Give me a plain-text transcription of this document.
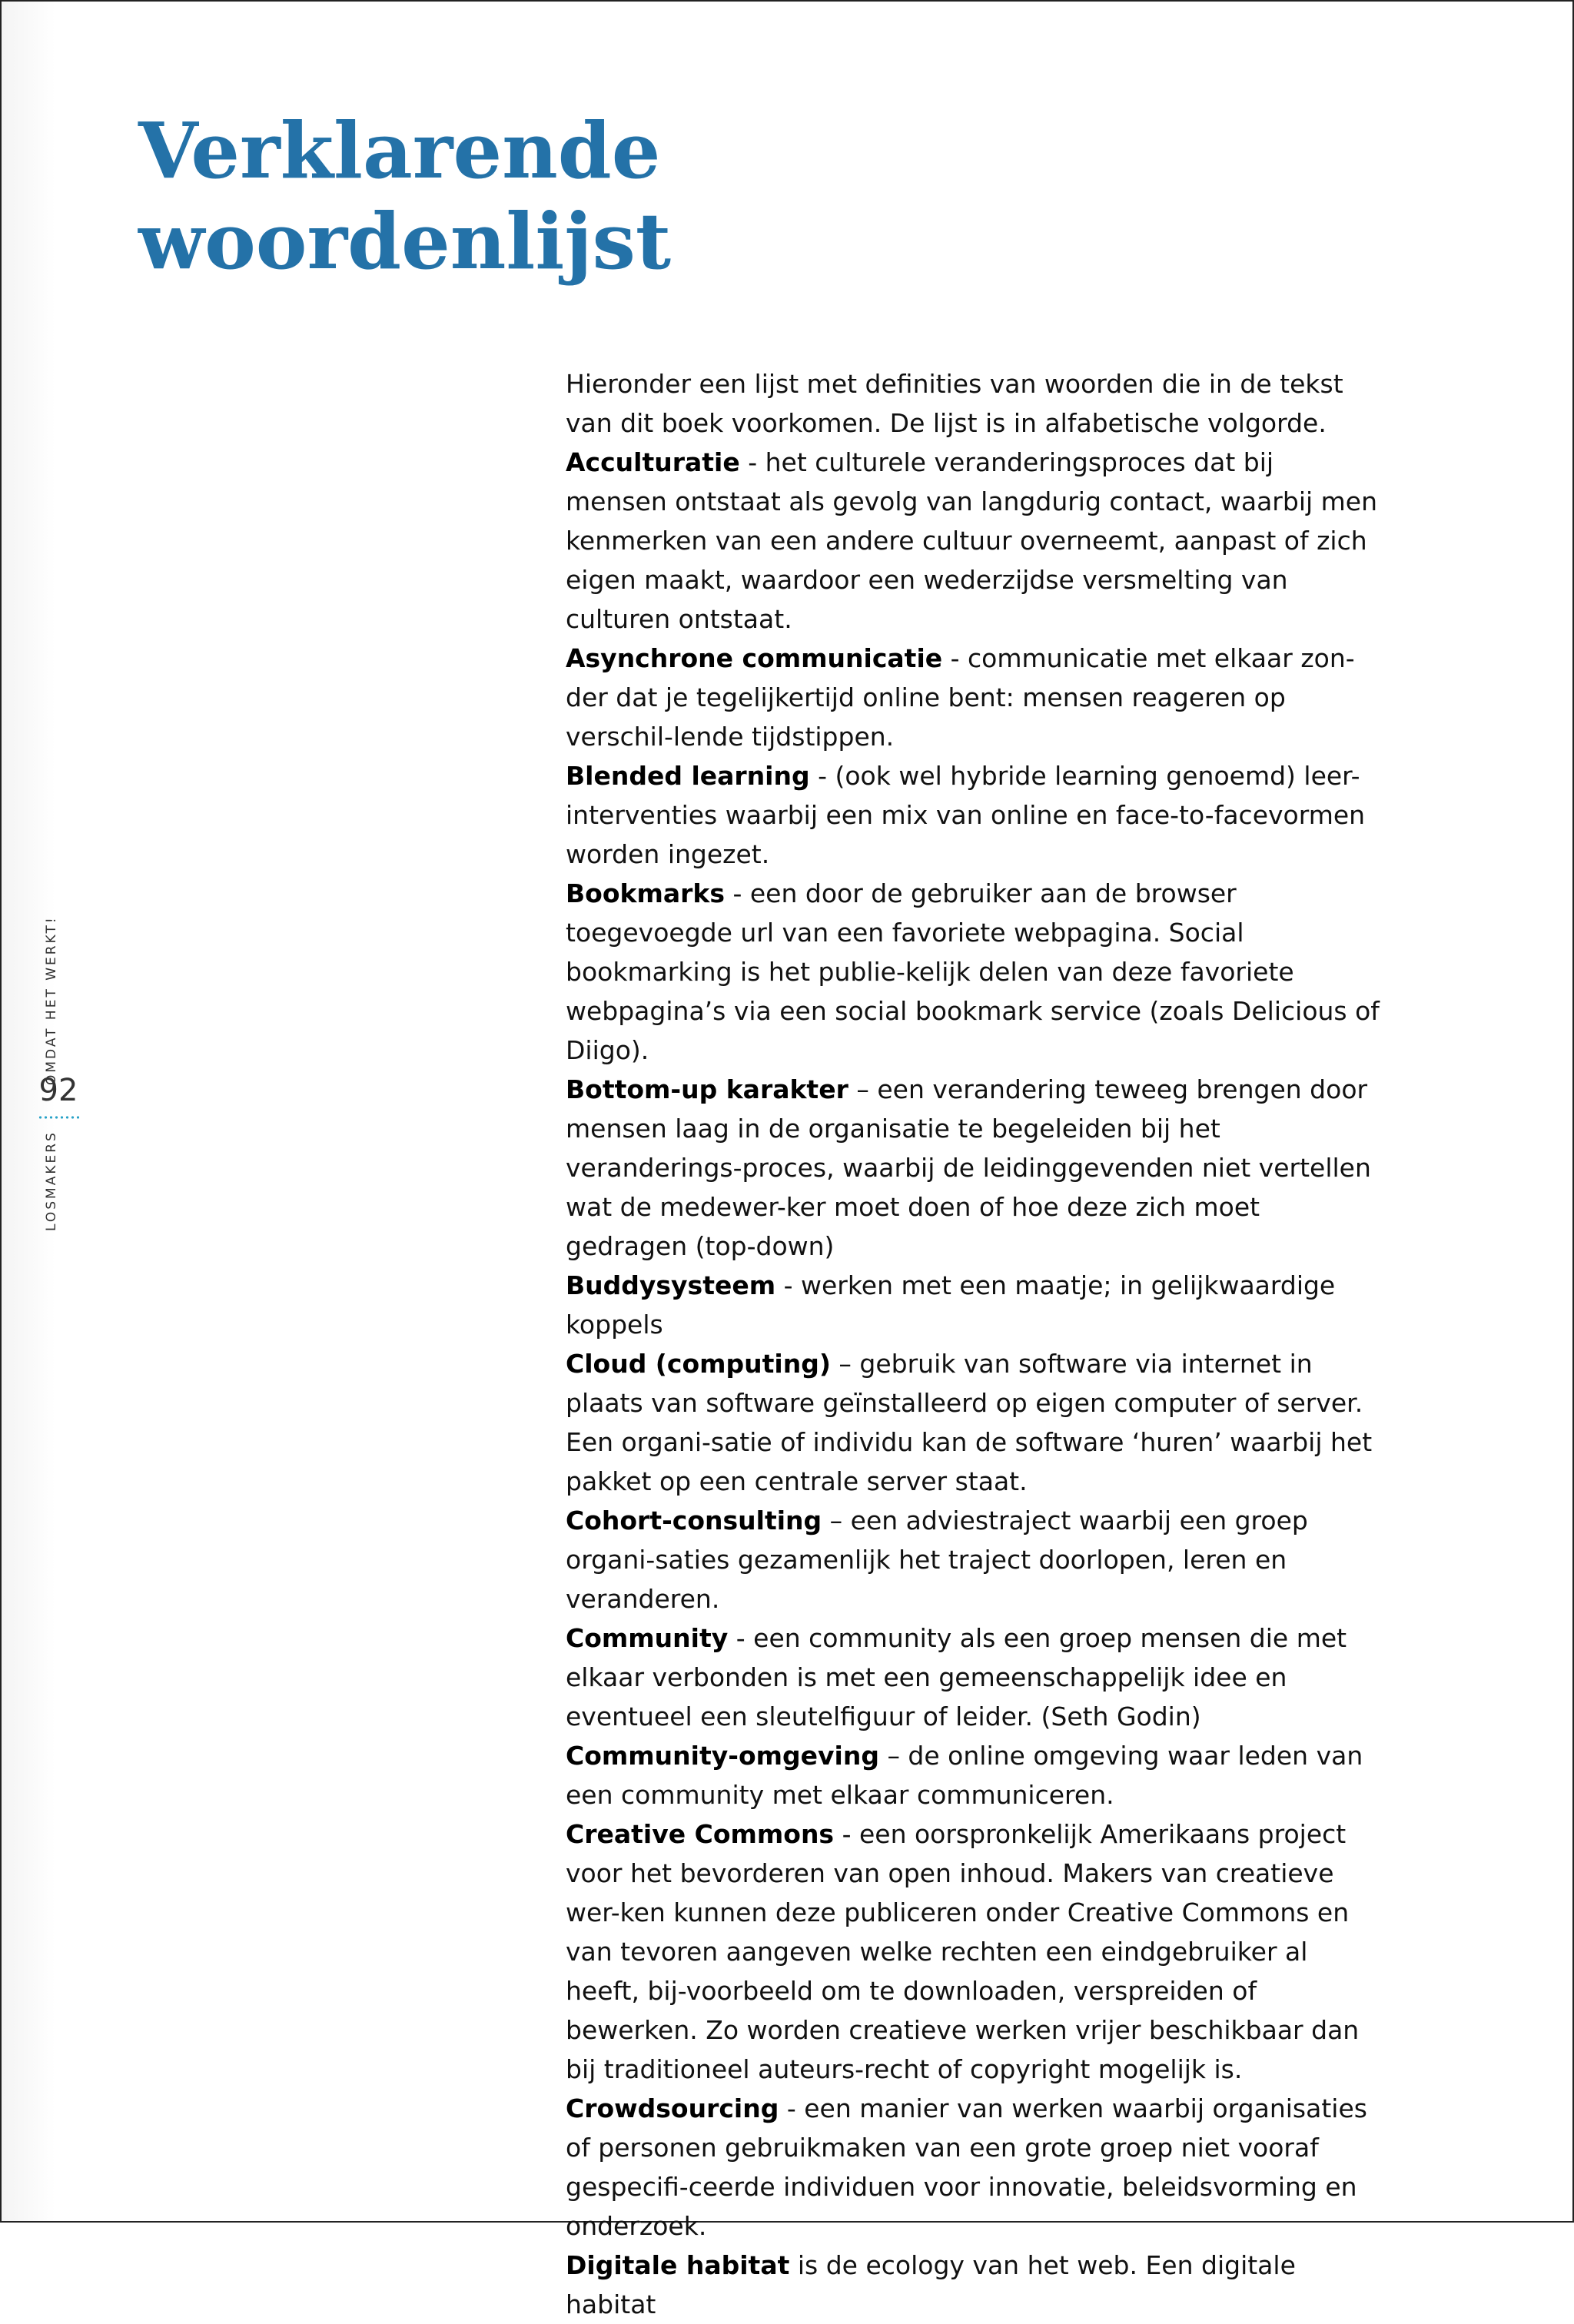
Verklarende
woordenlijst
LOSMAKERS
OMDAT HET WERKT!
92

Hieronder een lijst met definities van woorden die in de tekst van dit boek voorkomen. De lijst is in alfabetische volgorde.

Acculturatie - het culturele veranderingsproces dat bij mensen ontstaat als gevolg van langdurig contact, waarbij men kenmerken van een andere cultuur overneemt, aanpast of zich eigen maakt, waardoor een wederzijdse versmelting van culturen ontstaat.

Asynchrone communicatie - communicatie met elkaar zon-der dat je tegelijkertijd online bent: mensen reageren op verschil-lende tijdstippen.

Blended learning - (ook wel hybride learning genoemd) leer-interventies waarbij een mix van online en face-to-facevormen worden ingezet.

Bookmarks - een door de gebruiker aan de browser toegevoegde url van een favoriete webpagina. Social bookmarking is het publie-kelijk delen van deze favoriete webpagina’s via een social bookmark service (zoals Delicious of Diigo).

Bottom-up karakter – een verandering teweeg brengen door mensen laag in de organisatie te begeleiden bij het veranderings-proces, waarbij de leidinggevenden niet vertellen wat de medewer-ker moet doen of hoe deze zich moet gedragen (top-down)

Buddysysteem - werken met een maatje; in gelijkwaardige koppels

Cloud (computing) – gebruik van software via internet in plaats van software geïnstalleerd op eigen computer of server. Een organi-satie of individu kan de software ‘huren’ waarbij het pakket op een centrale server staat.

Cohort-consulting – een adviestraject waarbij een groep organi-saties gezamenlijk het traject doorlopen, leren en veranderen.

Community - een community als een groep mensen die met elkaar verbonden is met een gemeenschappelijk idee en eventueel een sleutelfiguur of leider. (Seth Godin)

Community-omgeving – de online omgeving waar leden van een community met elkaar communiceren.

Creative Commons - een oorspronkelijk Amerikaans project voor het bevorderen van open inhoud. Makers van creatieve wer-ken kunnen deze publiceren onder Creative Commons en van tevoren aangeven welke rechten een eindgebruiker al heeft, bij-voorbeeld om te downloaden, verspreiden of bewerken. Zo worden creatieve werken vrijer beschikbaar dan bij traditioneel auteurs-recht of copyright mogelijk is.

Crowdsourcing - een manier van werken waarbij organisaties of personen gebruikmaken van een grote groep niet vooraf gespecifi-ceerde individuen voor innovatie, beleidsvorming en onderzoek.

Digitale habitat is de ecology van het web. Een digitale habitat
